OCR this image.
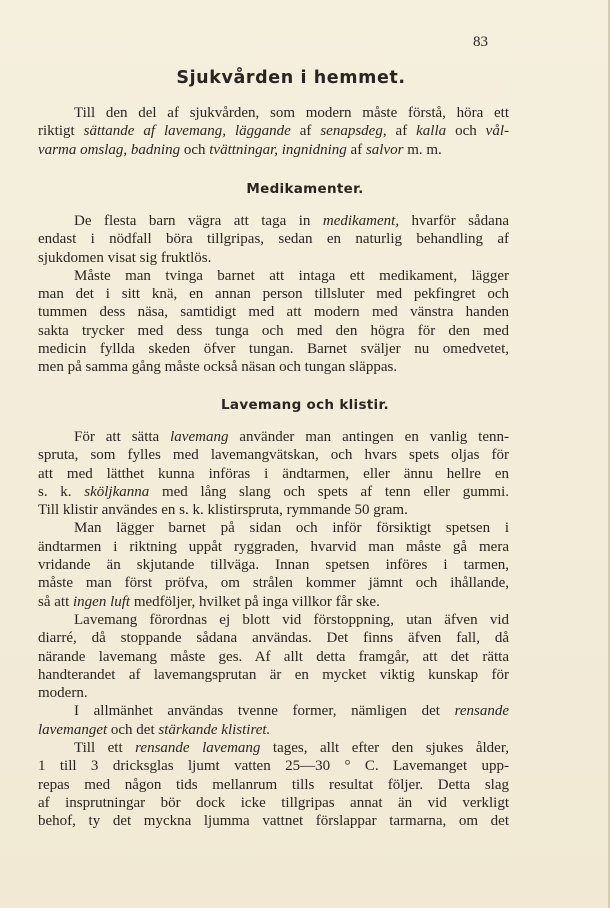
83
Sjukvården i hemmet.
Till den del af sjukvården, som modern måste förstå, höra ett
riktigt sättande af lavemang, läggande af senapsdeg, af kalla och vål-
varma omslag, badning och tvättningar, ingnidning af salvor m. m.
Medikamenter.
De flesta barn vägra att taga in medikament, hvarför sådana
endast i nödfall böra tillgripas, sedan en naturlig behandling af
sjukdomen visat sig fruktlös.
Måste man tvinga barnet att intaga ett medikament, lägger
man det i sitt knä, en annan person tillsluter med pekfingret och
tummen dess näsa, samtidigt med att modern med vänstra handen
sakta trycker med dess tunga och med den högra för den med
medicin fyllda skeden öfver tungan. Barnet sväljer nu omedvetet,
men på samma gång måste också näsan och tungan släppas.
Lavemang och klistir.
För att sätta lavemang använder man antingen en vanlig tenn-
spruta, som fylles med lavemangvätskan, och hvars spets oljas för
att med lätthet kunna införas i ändtarmen, eller ännu hellre en
s. k. sköljkanna med lång slang och spets af tenn eller gummi.
Till klistir användes en s. k. klistirspruta, rymmande 50 gram.
Man lägger barnet på sidan och inför försiktigt spetsen i
ändtarmen i riktning uppåt ryggraden, hvarvid man måste gå mera
vridande än skjutande tillväga. Innan spetsen införes i tarmen,
måste man först pröfva, om strålen kommer jämnt och ihållande,
så att ingen luft medföljer, hvilket på inga villkor får ske.
Lavemang förordnas ej blott vid förstoppning, utan äfven vid
diarré, då stoppande sådana användas. Det finns äfven fall, då
närande lavemang måste ges. Af allt detta framgår, att det rätta
handterandet af lavemangsprutan är en mycket viktig kunskap för
modern.
I allmänhet användas tvenne former, nämligen det rensande
lavemanget och det stärkande klistiret.
Till ett rensande lavemang tages, allt efter den sjukes ålder,
1 till 3 dricksglas ljumt vatten 25—30 ° C. Lavemanget upp-
repas med någon tids mellanrum tills resultat följer. Detta slag
af insprutningar bör dock icke tillgripas annat än vid verkligt
behof, ty det myckna ljumma vattnet förslappar tarmarna, om det
